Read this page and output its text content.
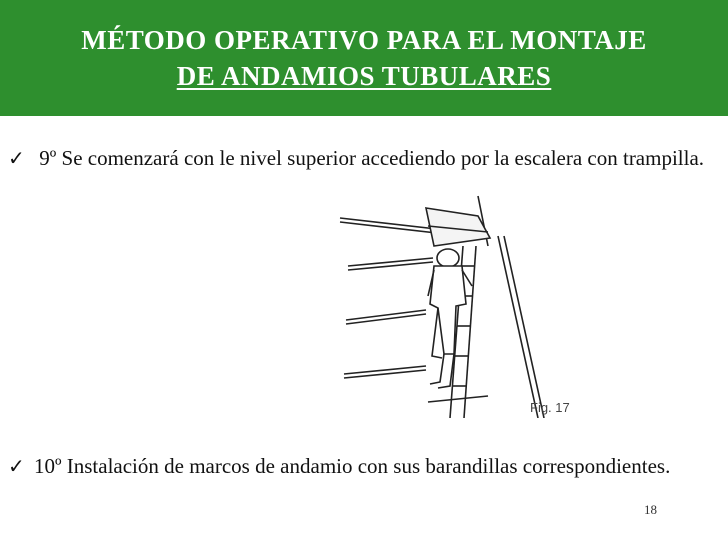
MÉTODO OPERATIVO PARA EL MONTAJE
DE ANDAMIOS TUBULARES
✓ 9º Se comenzará con le nivel superior accediendo por la escalera con trampilla.
Fig. 17
✓ 10º Instalación de marcos de andamio con sus barandillas correspondientes.
18
